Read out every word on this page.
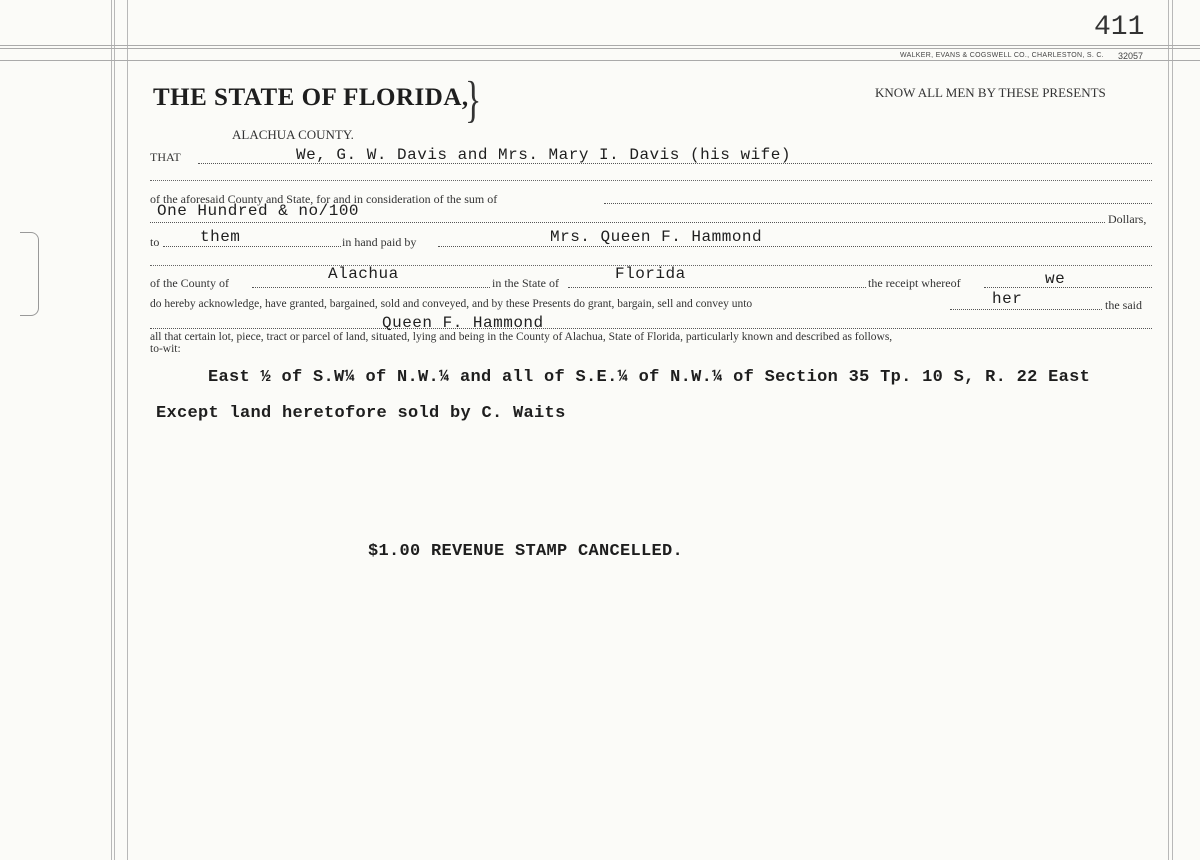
411
WALKER, EVANS & COGSWELL CO., CHARLESTON, S. C. 32057
THE STATE OF FLORIDA,
}
ALACHUA COUNTY.
KNOW ALL MEN BY THESE PRESENTS
THAT	We, G. W. Davis and Mrs. Mary I. Davis (his wife)
of the aforesaid County and State, for and in consideration of the sum of
One Hundred & no/100	Dollars,
to	them	in hand paid by	Mrs. Queen F. Hammond
of the County of	Alachua	in the State of	Florida	the receipt whereof	we
do hereby acknowledge, have granted, bargained, sold and conveyed, and by these Presents do grant, bargain, sell and convey unto	her	the said
Queen F. Hammond
all that certain lot, piece, tract or parcel of land, situated, lying and being in the County of Alachua, State of Florida, particularly known and described as follows,
to-wit:
East ½ of S.W¼ of N.W.¼ and all of S.E.¼ of N.W.¼ of Section 35 Tp. 10 S, R. 22 East
Except land heretofore sold by C. Waits
$1.00 REVENUE STAMP CANCELLED.
